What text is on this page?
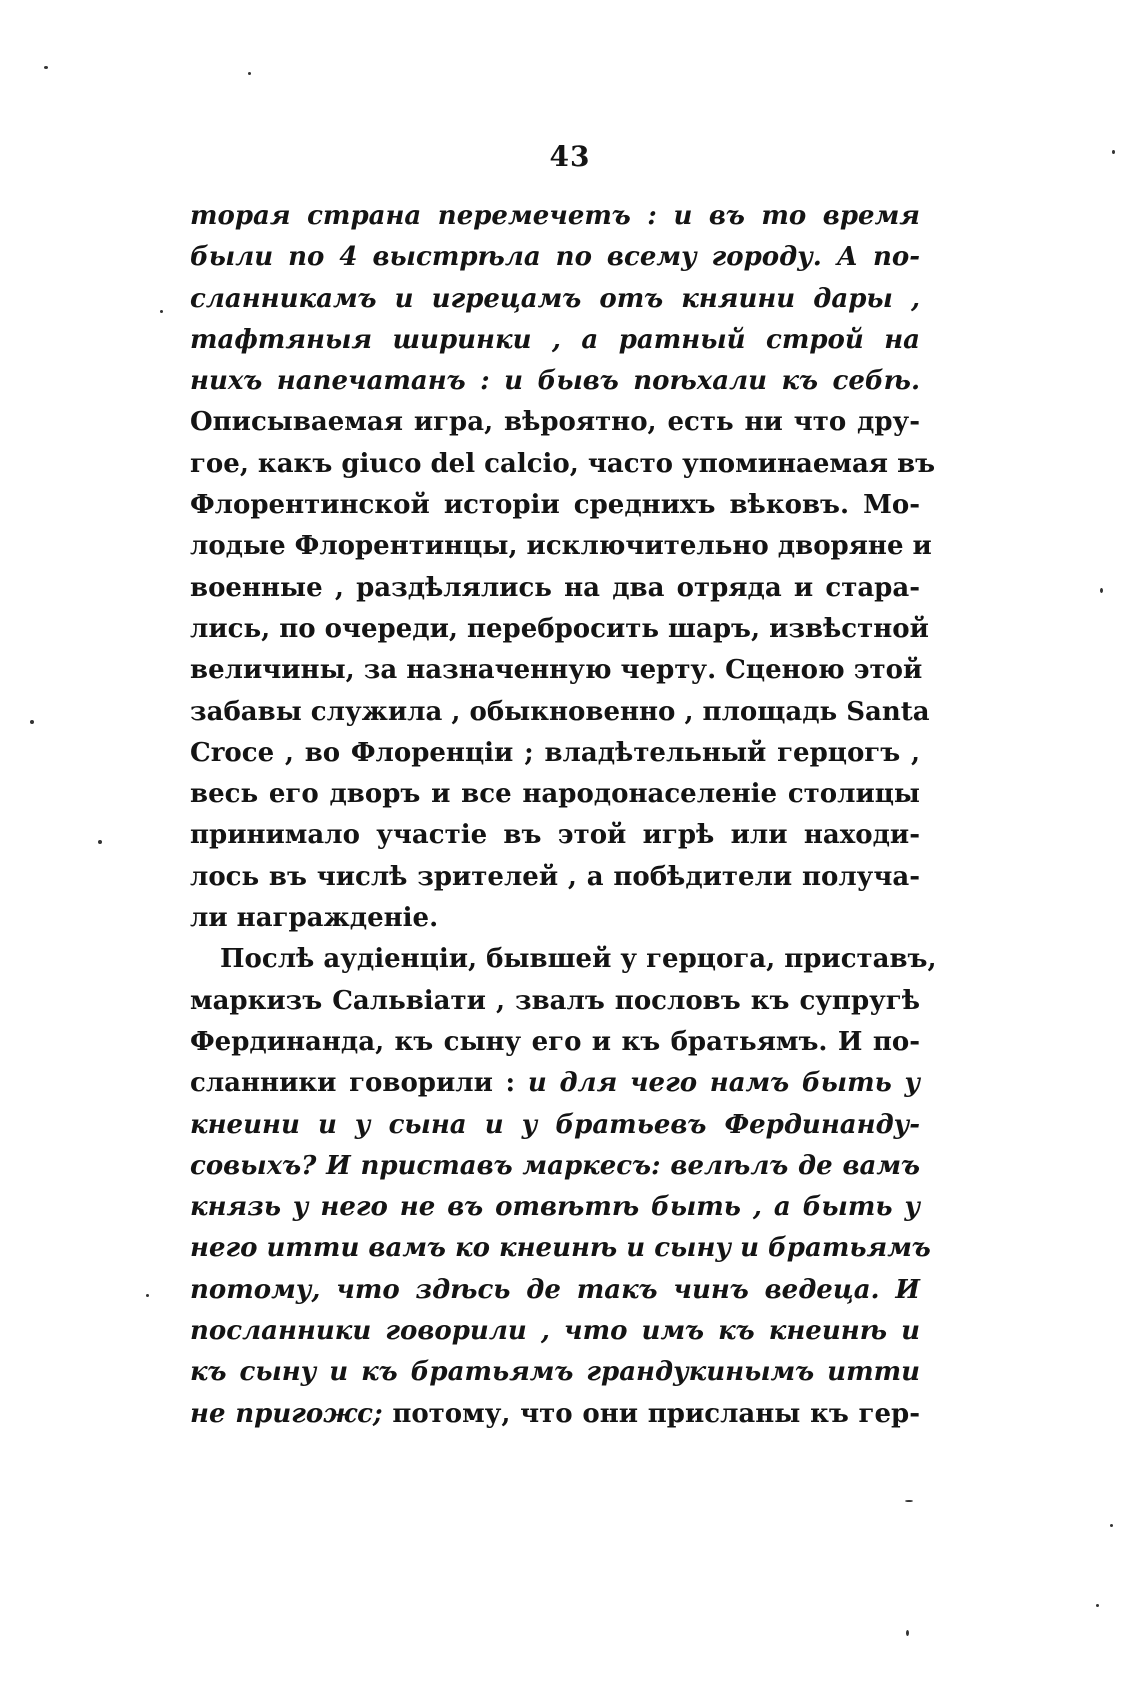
43
торая страна перемечетъ : и въ то время
были по 4 выстрѣла по всему городу. А по-
сланникамъ и игрецамъ отъ княини дары ,
тафтяныя ширинки , а ратный строй на
нихъ напечатанъ : и бывъ поѣхали къ себѣ.
Описываемая игра, вѣроятно, есть ни что дру-
гое, какъ giuco del calcio, часто упоминаемая въ
Флорентинской исторіи среднихъ вѣковъ. Мо-
лодые Флорентинцы, исключительно дворяне и
военные , раздѣлялись на два отряда и стара-
лись, по очереди, перебросить шаръ, извѣстной
величины, за назначенную черту. Сценою этой
забавы служила , обыкновенно , площадь Santa
Croce , во Флоренціи ; владѣтельный герцогъ ,
весь его дворъ и все народонаселеніе столицы
принимало участіе въ этой игрѣ или находи-
лось въ числѣ зрителей , а побѣдители получа-
ли награжденіе.
Послѣ аудіенціи, бывшей у герцога, приставъ,
маркизъ Сальвіати , звалъ пословъ къ супругѣ
Фердинанда, къ сыну его и къ братьямъ. И по-
сланники говорили : и для чего намъ быть у
кнеини и у сына и у братьевъ Фердинанду-
совыхъ? И приставъ маркесъ: велѣлъ де вамъ
князь у него не въ отвѣтѣ быть , а быть у
него итти вамъ ко кнеинѣ и сыну и братьямъ
потому, что здѣсь де такъ чинъ ведеца. И
посланники говорили , что имъ къ кнеинѣ и
къ сыну и къ братьямъ грандукинымъ итти
не пригожс; потому, что они присланы къ гер-
